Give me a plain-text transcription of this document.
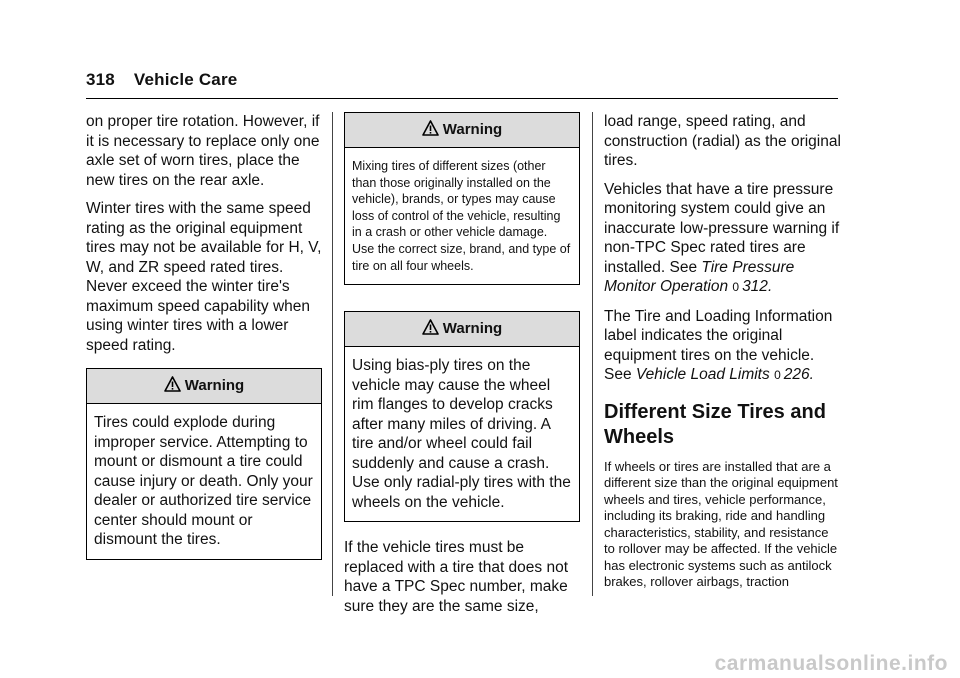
318 Vehicle Care

on proper tire rotation. However, if it is necessary to replace only one axle set of worn tires, place the new tires on the rear axle.

Winter tires with the same speed rating as the original equipment tires may not be available for H, V, W, and ZR speed rated tires. Never exceed the winter tire's maximum speed capability when using winter tires with a lower speed rating.

Warning
Tires could explode during improper service. Attempting to mount or dismount a tire could cause injury or death. Only your dealer or authorized tire service center should mount or dismount the tires.
Warning
Mixing tires of different sizes (other than those originally installed on the vehicle), brands, or types may cause loss of control of the vehicle, resulting in a crash or other vehicle damage. Use the correct size, brand, and type of tire on all four wheels.
Warning
Using bias-ply tires on the vehicle may cause the wheel rim flanges to develop cracks after many miles of driving. A tire and/or wheel could fail suddenly and cause a crash. Use only radial-ply tires with the wheels on the vehicle.

If the vehicle tires must be replaced with a tire that does not have a TPC Spec number, make sure they are the same size,

load range, speed rating, and construction (radial) as the original tires.

Vehicles that have a tire pressure monitoring system could give an inaccurate low-pressure warning if non-TPC Spec rated tires are installed. See Tire Pressure Monitor Operation 0 312.

The Tire and Loading Information label indicates the original equipment tires on the vehicle. See Vehicle Load Limits 0 226.

Different Size Tires and Wheels

If wheels or tires are installed that are a different size than the original equipment wheels and tires, vehicle performance, including its braking, ride and handling characteristics, stability, and resistance to rollover may be affected. If the vehicle has electronic systems such as antilock brakes, rollover airbags, traction

carmanualsonline.info
